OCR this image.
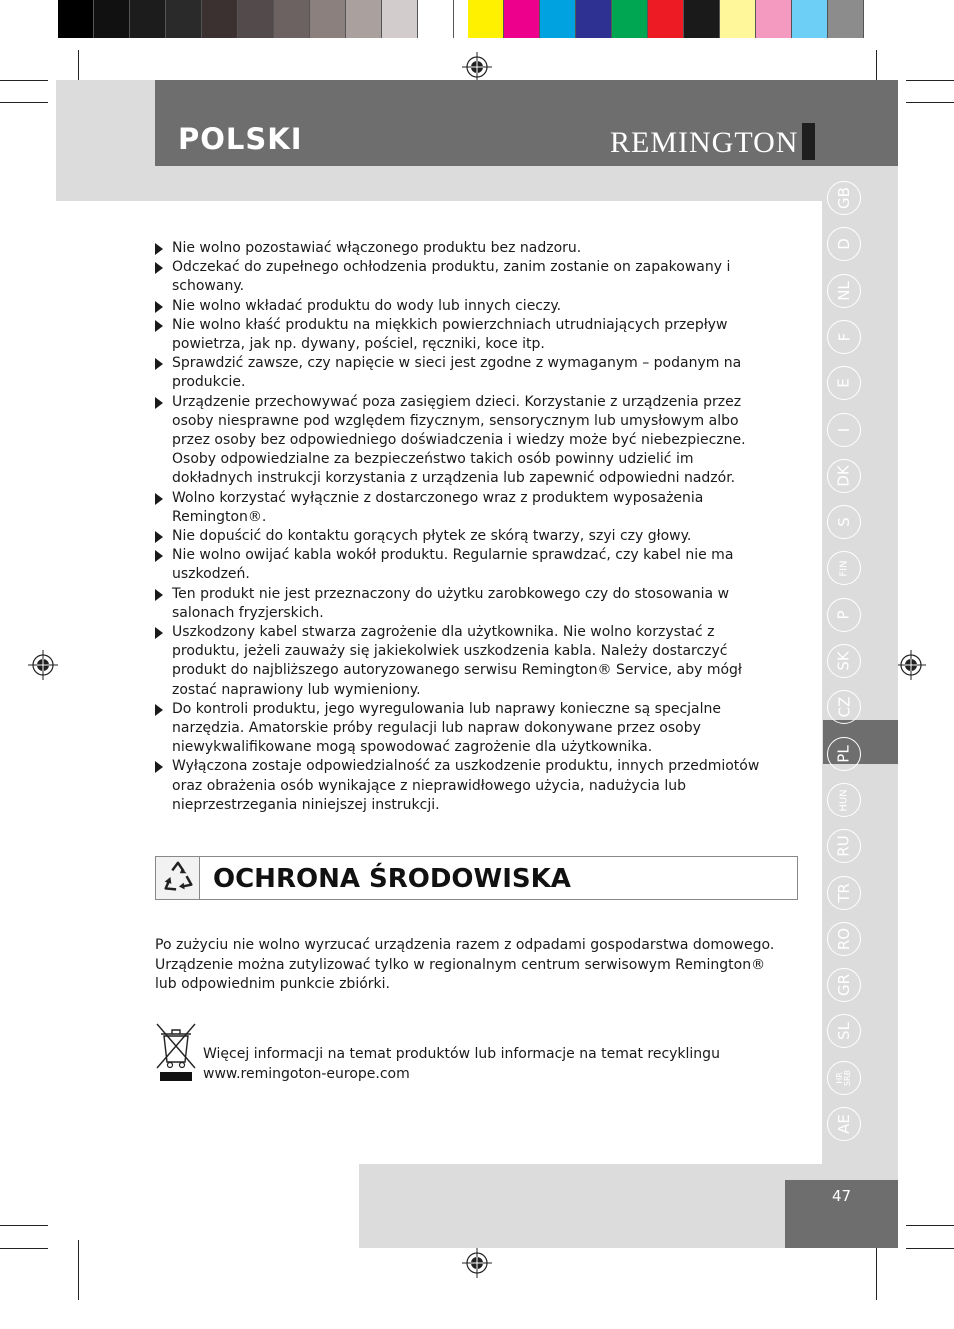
POLSKI	REMINGTON
GB
D
NL
F
E
I
DK
S
FIN
P
SK
CZ
PL
HUN
RU
TR
RO
GR
SL
HR
SRB
AE
Nie wolno pozostawiać włączonego produktu bez nadzoru.
Odczekać do zupełnego ochłodzenia produktu, zanim zostanie on zapakowany i schowany.
Nie wolno wkładać produktu do wody lub innych cieczy.
Nie wolno kłaść produktu na miękkich powierzchniach utrudniających przepływ powietrza, jak np. dywany, pościel, ręczniki, koce itp.
Sprawdzić zawsze, czy napięcie w sieci jest zgodne z wymaganym – podanym na produkcie.
Urządzenie przechowywać poza zasięgiem dzieci. Korzystanie z urządzenia przez osoby niesprawne pod względem fizycznym, sensorycznym lub umysłowym albo przez osoby bez odpowiedniego doświadczenia i wiedzy może być niebezpieczne. Osoby odpowiedzialne za bezpieczeństwo takich osób powinny udzielić im dokładnych instrukcji korzystania z urządzenia lub zapewnić odpowiedni nadzór.
Wolno korzystać wyłącznie z dostarczonego wraz z produktem wyposażenia Remington®.
Nie dopuścić do kontaktu gorących płytek ze skórą twarzy, szyi czy głowy.
Nie wolno owijać kabla wokół produktu. Regularnie sprawdzać, czy kabel nie ma uszkodzeń.
Ten produkt nie jest przeznaczony do użytku zarobkowego czy do stosowania w salonach fryzjerskich.
Uszkodzony kabel stwarza zagrożenie dla użytkownika. Nie wolno korzystać z produktu, jeżeli zauważy się jakiekolwiek uszkodzenia kabla. Należy dostarczyć produkt do najbliższego autoryzowanego serwisu Remington® Service, aby mógł zostać naprawiony lub wymieniony.
Do kontroli produktu, jego wyregulowania lub naprawy konieczne są specjalne narzędzia. Amatorskie próby regulacji lub napraw dokonywane przez osoby niewykwalifikowane mogą spowodować zagrożenie dla użytkownika.
Wyłączona zostaje odpowiedzialność za uszkodzenie produktu, innych przedmiotów oraz obrażenia osób wynikające z nieprawidłowego użycia, nadużycia lub nieprzestrzegania niniejszej instrukcji.
OCHRONA ŚRODOWISKA

Po zużyciu nie wolno wyrzucać urządzenia razem z odpadami gospodarstwa domowego. Urządzenie można zutylizować tylko w regionalnym centrum serwisowym Remington® lub odpowiednim punkcie zbiórki.

Więcej informacji na temat produktów lub informacje na temat recyklingu
www.remingoton-europe.com

47
